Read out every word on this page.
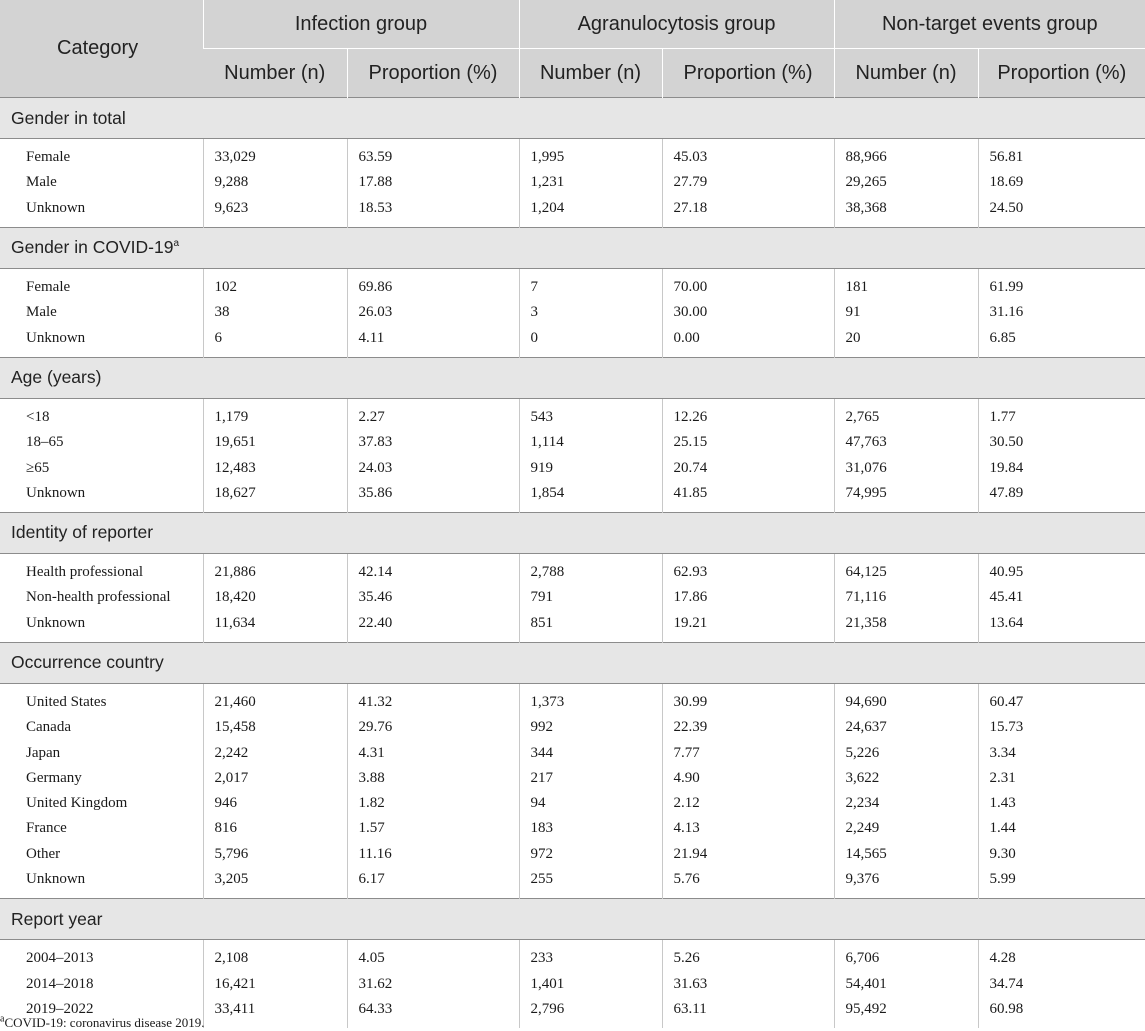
Category	Infection group		Agranulocytosis group		Non-target events group	
	Number (n)	Proportion (%)	Number (n)	Proportion (%)	Number (n)	Proportion (%)
Gender in total						

Female	33,029	63.59	1,995	45.03	88,966	56.81
Male	9,288	17.88	1,231	27.79	29,265	18.69
Unknown	9,623	18.53	1,204	27.18	38,368	24.50

Gender in COVID-19$^a$

Female	102	69.86	7	70.00	181	61.99
Male	38	26.03	3	30.00	91	31.16
Unknown	6	4.11	0	0.00	20	6.85

Age (years)						

<18	1,179	2.27	543	12.26	2,765	1.77
18–65	19,651	37.83	1,114	25.15	47,763	30.50
≥65	12,483	24.03	919	20.74	31,076	19.84
Unknown	18,627	35.86	1,854	41.85	74,995	47.89

Identity of reporter						

Health professional	21,886	42.14	2,788	62.93	64,125	40.95
Non-health professional	18,420	35.46	791	17.86	71,116	45.41
Unknown	11,634	22.40	851	19.21	21,358	13.64

Occurrence country						

United States	21,460	41.32	1,373	30.99	94,690	60.47
Canada	15,458	29.76	992	22.39	24,637	15.73
Japan	2,242	4.31	344	7.77	5,226	3.34
Germany	2,017	3.88	217	4.90	3,622	2.31
United Kingdom	946	1.82	94	2.12	2,234	1.43
France	816	1.57	183	4.13	2,249	1.44
Other	5,796	11.16	972	21.94	14,565	9.30
Unknown	3,205	6.17	255	5.76	9,376	5.99

Report year						

2004–2013	2,108	4.05	233	5.26	6,706	4.28
2014–2018	16,421	31.62	1,401	31.63	54,401	34.74
2019–2022	33,411	64.33	2,796	63.11	95,492	60.98

$^a$COVID-19: coronavirus disease 2019.
